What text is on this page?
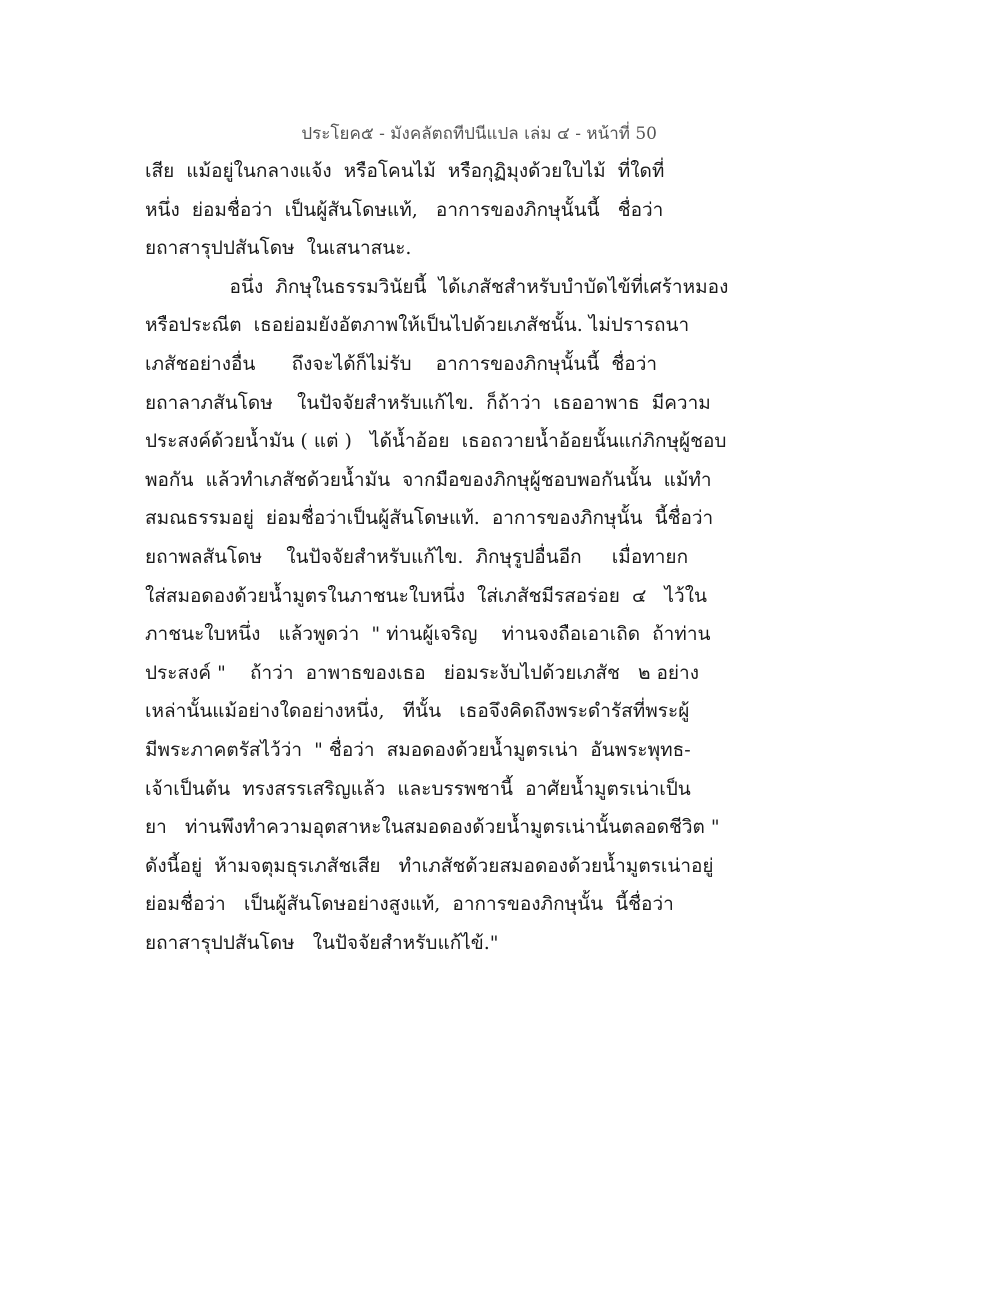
ประโยค๕ - มังคลัตถทีปนีแปล เล่ม ๔ - หน้าที่ 50
เสีย  แม้อยู่ในกลางแจ้ง  หรือโคนไม้  หรือกุฏิมุงด้วยใบไม้  ที่ใดที่
หนึ่ง  ย่อมชื่อว่า  เป็นผู้สันโดษแท้,   อาการของภิกษุนั้นนี้   ชื่อว่า
ยถาสารุปปสันโดษ  ในเสนาสนะ.
อนึ่ง  ภิกษุในธรรมวินัยนี้  ได้เภสัชสำหรับบำบัดไข้ที่เศร้าหมอง
หรือประณีต  เธอย่อมยังอัตภาพให้เป็นไปด้วยเภสัชนั้น. ไม่ปรารถนา
เภสัชอย่างอื่น      ถึงจะได้ก็ไม่รับ    อาการของภิกษุนั้นนี้  ชื่อว่า
ยถาลาภสันโดษ    ในปัจจัยสำหรับแก้ไข.  ก็ถ้าว่า  เธออาพาธ  มีความ
ประสงค์ด้วยน้ำมัน ( แต่ )   ได้น้ำอ้อย  เธอถวายน้ำอ้อยนั้นแก่ภิกษุผู้ชอบ
พอกัน  แล้วทำเภสัชด้วยน้ำมัน  จากมือของภิกษุผู้ชอบพอกันนั้น  แม้ทำ
สมณธรรมอยู่  ย่อมชื่อว่าเป็นผู้สันโดษแท้.  อาการของภิกษุนั้น  นี้ชื่อว่า
ยถาพลสันโดษ    ในปัจจัยสำหรับแก้ไข.  ภิกษุรูปอื่นอีก     เมื่อทายก
ใส่สมอดองด้วยน้ำมูตรในภาชนะใบหนึ่ง  ใส่เภสัชมีรสอร่อย  ๔   ไว้ใน
ภาชนะใบหนึ่ง   แล้วพูดว่า  " ท่านผู้เจริญ    ท่านจงถือเอาเถิด  ถ้าท่าน
ประสงค์ "    ถ้าว่า  อาพาธของเธอ   ย่อมระงับไปด้วยเภสัช   ๒ อย่าง
เหล่านั้นแม้อย่างใดอย่างหนึ่ง,   ทีนั้น   เธอจึงคิดถึงพระดำรัสที่พระผู้
มีพระภาคตรัสไว้ว่า  " ชื่อว่า  สมอดองด้วยน้ำมูตรเน่า  อันพระพุทธ-
เจ้าเป็นต้น  ทรงสรรเสริญแล้ว  และบรรพชานี้  อาศัยน้ำมูตรเน่าเป็น
ยา   ท่านพึงทำความอุตสาหะในสมอดองด้วยน้ำมูตรเน่านั้นตลอดชีวิต "
ดังนี้อยู่  ห้ามจตุมธุรเภสัชเสีย   ทำเภสัชด้วยสมอดองด้วยน้ำมูตรเน่าอยู่
ย่อมชื่อว่า   เป็นผู้สันโดษอย่างสูงแท้,  อาการของภิกษุนั้น  นี้ชื่อว่า
ยถาสารุปปสันโดษ   ในปัจจัยสำหรับแก้ไข้."
